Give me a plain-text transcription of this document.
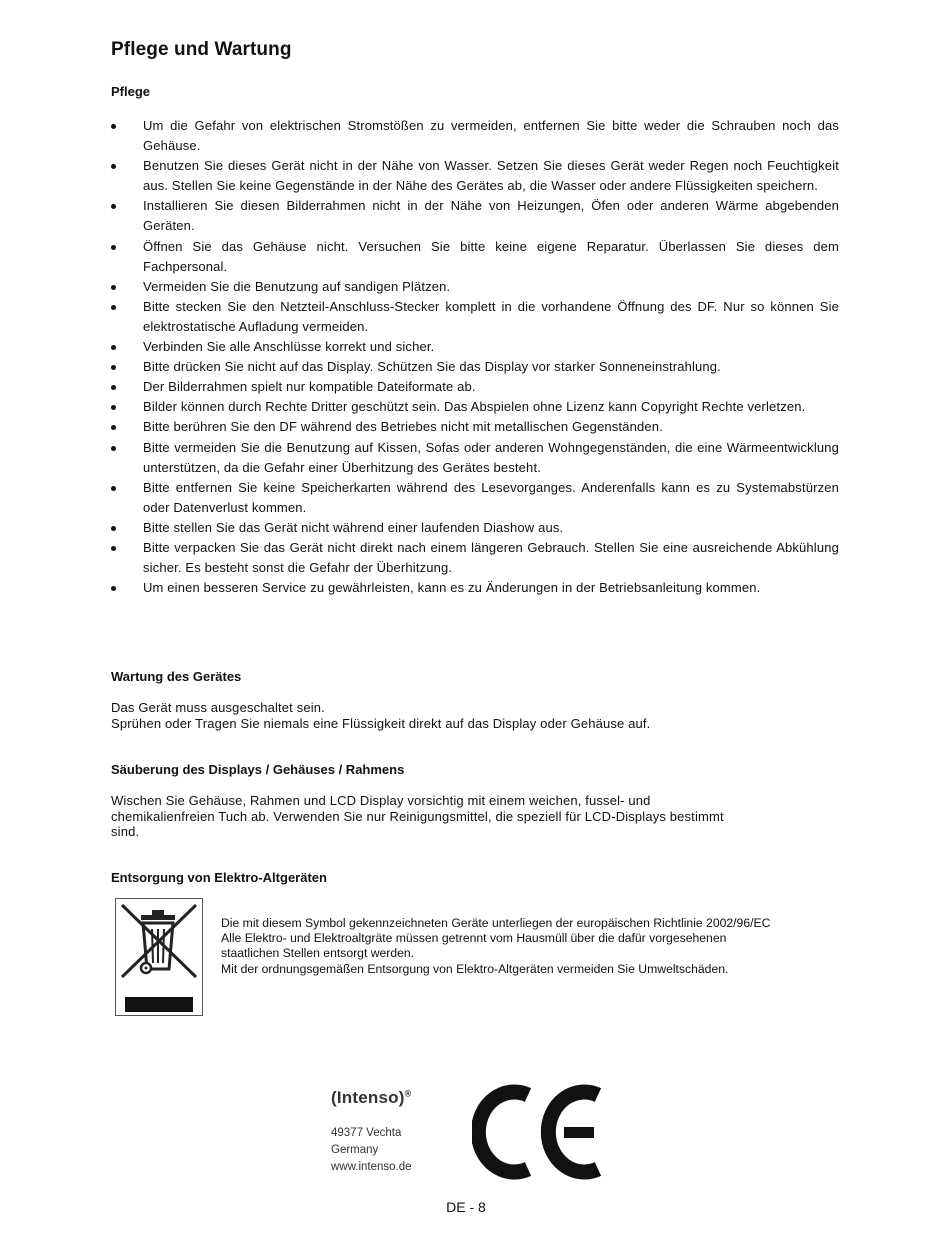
Pflege und Wartung
Pflege
Um die Gefahr von elektrischen Stromstößen zu vermeiden, entfernen Sie bitte weder die Schrauben noch das Gehäuse.
Benutzen Sie dieses Gerät nicht in der Nähe von Wasser. Setzen Sie dieses Gerät weder Regen noch Feuchtigkeit aus. Stellen Sie keine Gegenstände in der Nähe des Gerätes ab, die Wasser oder andere Flüssigkeiten speichern.
Installieren Sie diesen Bilderrahmen nicht in der Nähe von Heizungen, Öfen oder anderen Wärme abgebenden Geräten.
Öffnen Sie das Gehäuse nicht. Versuchen Sie bitte keine eigene Reparatur. Überlassen Sie dieses dem Fachpersonal.
Vermeiden Sie die Benutzung auf sandigen Plätzen.
Bitte stecken Sie den Netzteil-Anschluss-Stecker komplett in die vorhandene Öffnung des DF. Nur so können Sie elektrostatische Aufladung vermeiden.
Verbinden Sie alle Anschlüsse korrekt und sicher.
Bitte drücken Sie nicht auf das Display. Schützen Sie das Display vor starker Sonneneinstrahlung.
Der Bilderrahmen spielt nur kompatible Dateiformate ab.
Bilder können durch Rechte Dritter geschützt sein. Das Abspielen ohne Lizenz kann Copyright Rechte verletzen.
Bitte berühren Sie den DF während des Betriebes nicht mit metallischen Gegenständen.
Bitte vermeiden Sie die Benutzung auf Kissen, Sofas oder anderen Wohngegenständen, die eine Wärmeentwicklung unterstützen, da die Gefahr einer Überhitzung des Gerätes besteht.
Bitte entfernen Sie keine Speicherkarten während des Lesevorganges. Anderenfalls kann es zu Systemabstürzen oder Datenverlust kommen.
Bitte stellen Sie das Gerät nicht während einer laufenden Diashow aus.
Bitte verpacken Sie das Gerät nicht direkt nach einem längeren Gebrauch. Stellen Sie eine ausreichende Abkühlung sicher. Es besteht sonst die Gefahr der Überhitzung.
Um einen besseren Service zu gewährleisten, kann es zu Änderungen in der Betriebsanleitung kommen.
Wartung des Gerätes
Das Gerät muss ausgeschaltet sein.
Sprühen oder Tragen Sie niemals eine Flüssigkeit direkt auf das Display oder Gehäuse auf.
Säuberung des Displays / Gehäuses / Rahmens
Wischen Sie Gehäuse, Rahmen und LCD Display vorsichtig mit einem weichen, fussel- und
chemikalienfreien Tuch ab. Verwenden Sie nur Reinigungsmittel, die speziell für LCD-Displays bestimmt
sind.
Entsorgung von Elektro-Altgeräten
Die mit diesem Symbol gekennzeichneten Geräte unterliegen der europäischen Richtlinie 2002/96/EC
Alle Elektro- und Elektroaltgräte müssen getrennt vom Hausmüll über die dafür vorgesehenen
staatlichen Stellen entsorgt werden.
Mit der ordnungsgemäßen Entsorgung von Elektro-Altgeräten vermeiden Sie Umweltschäden.
(Intenso)®
49377 Vechta
Germany
www.intenso.de
DE - 8
